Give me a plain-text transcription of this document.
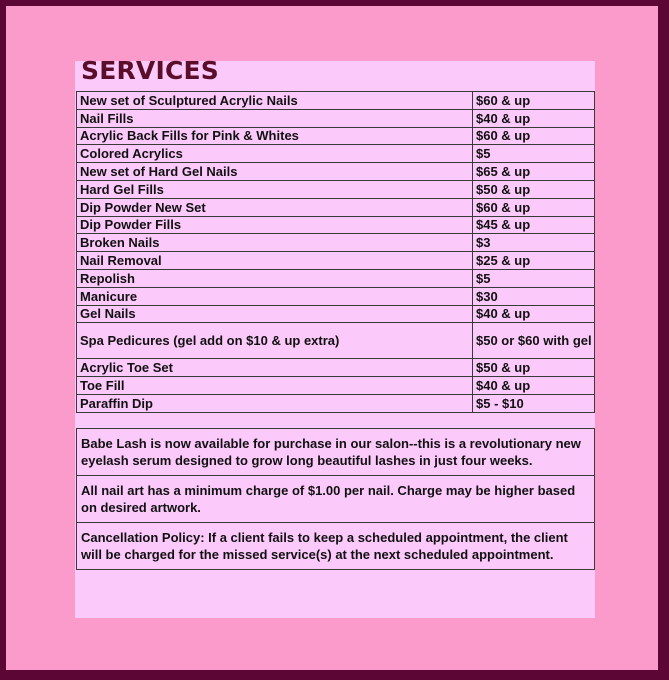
SERVICES
New set of Sculptured Acrylic Nails	$60 & up
Nail Fills	$40 & up
Acrylic Back Fills for Pink & Whites	$60 & up
Colored Acrylics	$5
New set of Hard Gel Nails	$65 & up
Hard Gel Fills	$50 & up
Dip Powder New Set	$60 & up
Dip Powder Fills	$45 & up
Broken Nails	$3
Nail Removal	$25 & up
Repolish	$5
Manicure	$30
Gel Nails	$40 & up
Spa Pedicures (gel add on $10 & up extra)	$50 or $60 with gel
Acrylic Toe Set	$50 & up
Toe Fill	$40 & up
Paraffin Dip	$5 - $10
Babe Lash is now available for purchase in our salon--this is a revolutionary new eyelash serum designed to grow long beautiful lashes in just four weeks.
All nail art has a minimum charge of $1.00 per nail. Charge may be higher based on desired artwork.
Cancellation Policy: If a client fails to keep a scheduled appointment, the client will be charged for the missed service(s) at the next scheduled appointment.
